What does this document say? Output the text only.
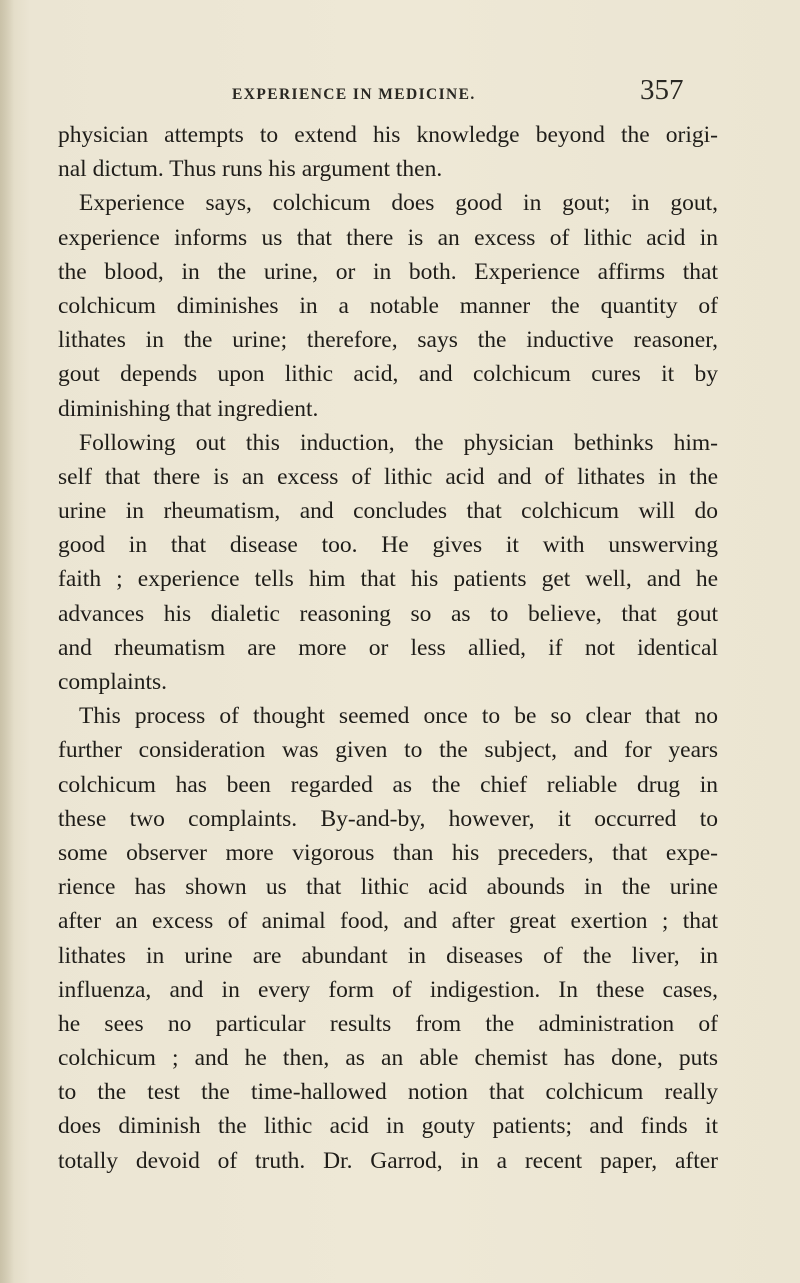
EXPERIENCE IN MEDICINE.	357
physician attempts to extend his knowledge beyond the origi-
nal dictum. Thus runs his argument then.
Experience says, colchicum does good in gout; in gout,
experience informs us that there is an excess of lithic acid in
the blood, in the urine, or in both. Experience affirms that
colchicum diminishes in a notable manner the quantity of
lithates in the urine; therefore, says the inductive reasoner,
gout depends upon lithic acid, and colchicum cures it by
diminishing that ingredient.
Following out this induction, the physician bethinks him-
self that there is an excess of lithic acid and of lithates in the
urine in rheumatism, and concludes that colchicum will do
good in that disease too. He gives it with unswerving
faith ; experience tells him that his patients get well, and he
advances his dialetic reasoning so as to believe, that gout
and rheumatism are more or less allied, if not identical
complaints.
This process of thought seemed once to be so clear that no
further consideration was given to the subject, and for years
colchicum has been regarded as the chief reliable drug in
these two complaints. By-and-by, however, it occurred to
some observer more vigorous than his preceders, that expe-
rience has shown us that lithic acid abounds in the urine
after an excess of animal food, and after great exertion ; that
lithates in urine are abundant in diseases of the liver, in
influenza, and in every form of indigestion. In these cases,
he sees no particular results from the administration of
colchicum ; and he then, as an able chemist has done, puts
to the test the time-hallowed notion that colchicum really
does diminish the lithic acid in gouty patients; and finds it
totally devoid of truth. Dr. Garrod, in a recent paper, after
